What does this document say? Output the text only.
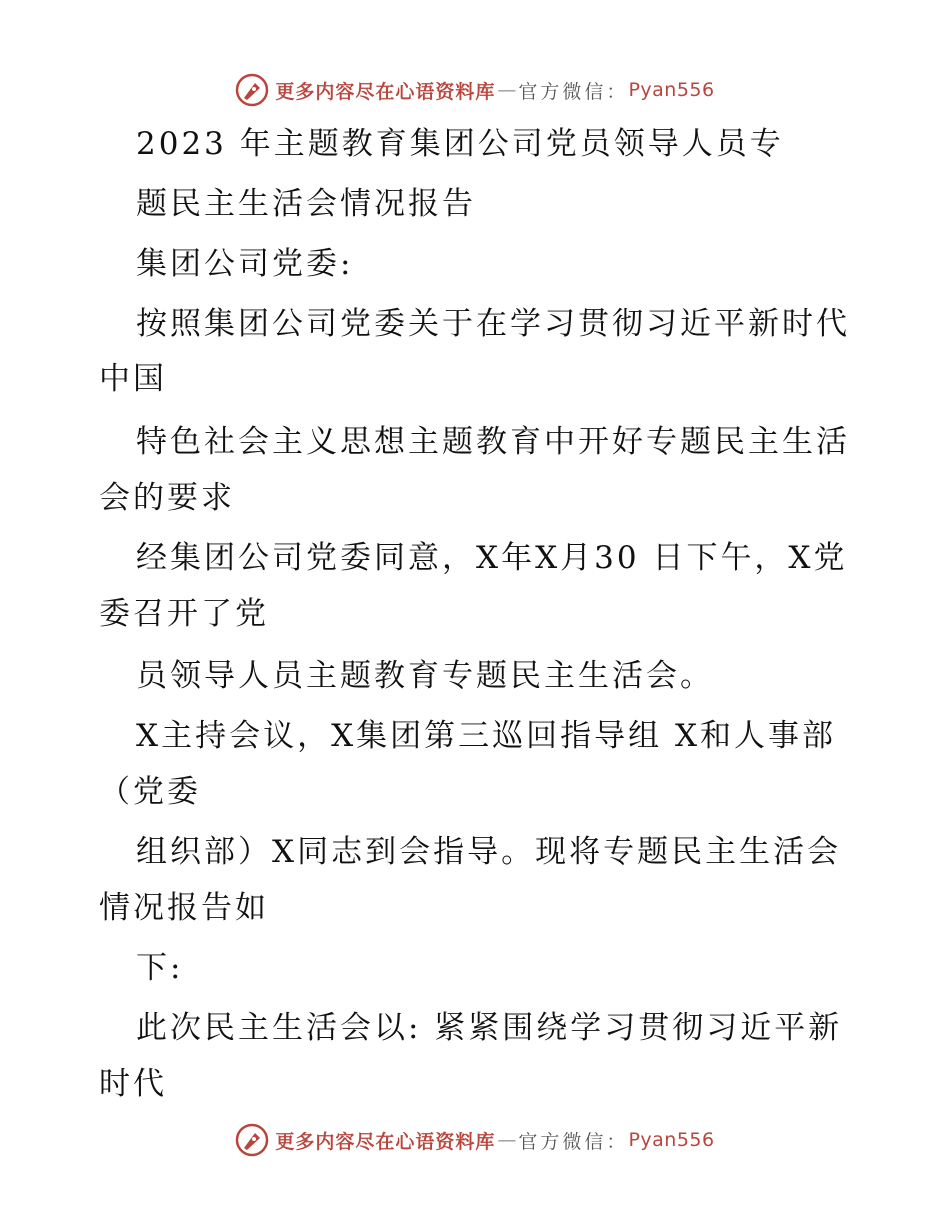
更多内容尽在心语资料库 — 官方微信： Pyan556
2023 年主题教育集团公司党员领导人员专
题民主生活会情况报告
集团公司党委:
按照集团公司党委关于在学习贯彻习近平新时代
中国
特色社会主义思想主题教育中开好专题民主生活
会的要求
经集团公司党委同意，X年X月30 日下午，X党
委召开了党
员领导人员主题教育专题民主生活会。
X主持会议，X集团第三巡回指导组 X和人事部
（党委
组织部）X同志到会指导。现将专题民主生活会
情况报告如
下:
此次民主生活会以: 紧紧围绕学习贯彻习近平新
时代
更多内容尽在心语资料库 — 官方微信： Pyan556
